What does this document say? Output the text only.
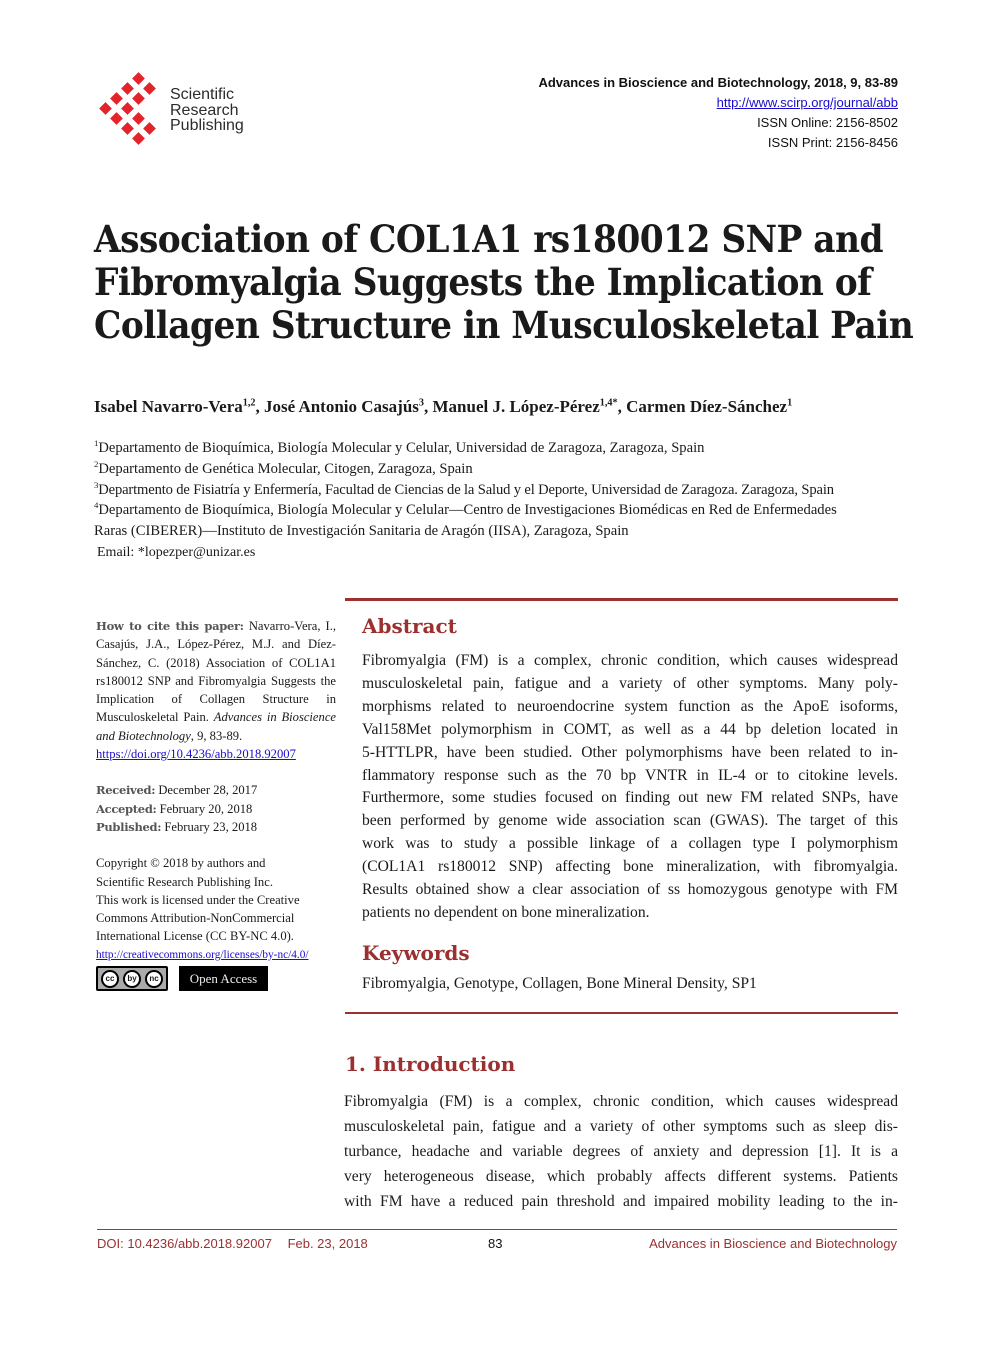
Scientific
Research
Publishing
Advances in Bioscience and Biotechnology, 2018, 9, 83-89
http://www.scirp.org/journal/abb
ISSN Online: 2156-8502
ISSN Print: 2156-8456
Association of COL1A1 rs180012 SNP and
Fibromyalgia Suggests the Implication of
Collagen Structure in Musculoskeletal Pain
Isabel Navarro-Vera$^{1,2}$, José Antonio Casajús$^3$, Manuel J. López-Pérez$^{1,4*}$, Carmen Díez-Sánchez$^1$
$^1$Departamento de Bioquímica, Biología Molecular y Celular, Universidad de Zaragoza, Zaragoza, Spain
$^2$Departamento de Genética Molecular, Citogen, Zaragoza, Spain
$^3$Departmento de Fisiatría y Enfermería, Facultad de Ciencias de la Salud y el Deporte, Universidad de Zaragoza. Zaragoza, Spain
$^4$Departamento de Bioquímica, Biología Molecular y Celular—Centro de Investigaciones Biomédicas en Red de Enfermedades
Raras (CIBERER)—Instituto de Investigación Sanitaria de Aragón (IISA), Zaragoza, Spain
Email: *lopezper@unizar.es
How to cite this paper: Navarro-Vera, I., Casajús, J.A., López-Pérez, M.J. and Díez-Sánchez, C. (2018) Association of COL1A1 rs180012 SNP and Fibromyalgia Suggests the Implication of Collagen Structure in Musculoskeletal Pain. Advances in Bioscience and Biotechnology, 9, 83-89.
https://doi.org/10.4236/abb.2018.92007
Received: December 28, 2017
Accepted: February 20, 2018
Published: February 23, 2018
Copyright © 2018 by authors and
Scientific Research Publishing Inc.
This work is licensed under the Creative
Commons Attribution-NonCommercial
International License (CC BY-NC 4.0).
http://creativecommons.org/licenses/by-nc/4.0/
cc	by	nc	Open Access
Abstract
Fibromyalgia (FM) is a complex, chronic condition, which causes widespread
musculoskeletal pain, fatigue and a variety of other symptoms. Many poly-
morphisms related to neuroendocrine system function as the ApoE isoforms,
Val158Met polymorphism in COMT, as well as a 44 bp deletion located in
5-HTTLPR, have been studied. Other polymorphisms have been related to in-
flammatory response such as the 70 bp VNTR in IL-4 or to citokine levels.
Furthermore, some studies focused on finding out new FM related SNPs, have
been performed by genome wide association scan (GWAS). The target of this
work was to study a possible linkage of a collagen type I polymorphism
(COL1A1 rs180012 SNP) affecting bone mineralization, with fibromyalgia.
Results obtained show a clear association of ss homozygous genotype with FM
patients no dependent on bone mineralization.
Keywords
Fibromyalgia, Genotype, Collagen, Bone Mineral Density, SP1
1. Introduction
Fibromyalgia (FM) is a complex, chronic condition, which causes widespread
musculoskeletal pain, fatigue and a variety of other symptoms such as sleep dis-
turbance, headache and variable degrees of anxiety and depression [1]. It is a
very heterogeneous disease, which probably affects different systems. Patients
with FM have a reduced pain threshold and impaired mobility leading to the in-
DOI: 10.4236/abb.2018.92007 Feb. 23, 2018	83	Advances in Bioscience and Biotechnology
